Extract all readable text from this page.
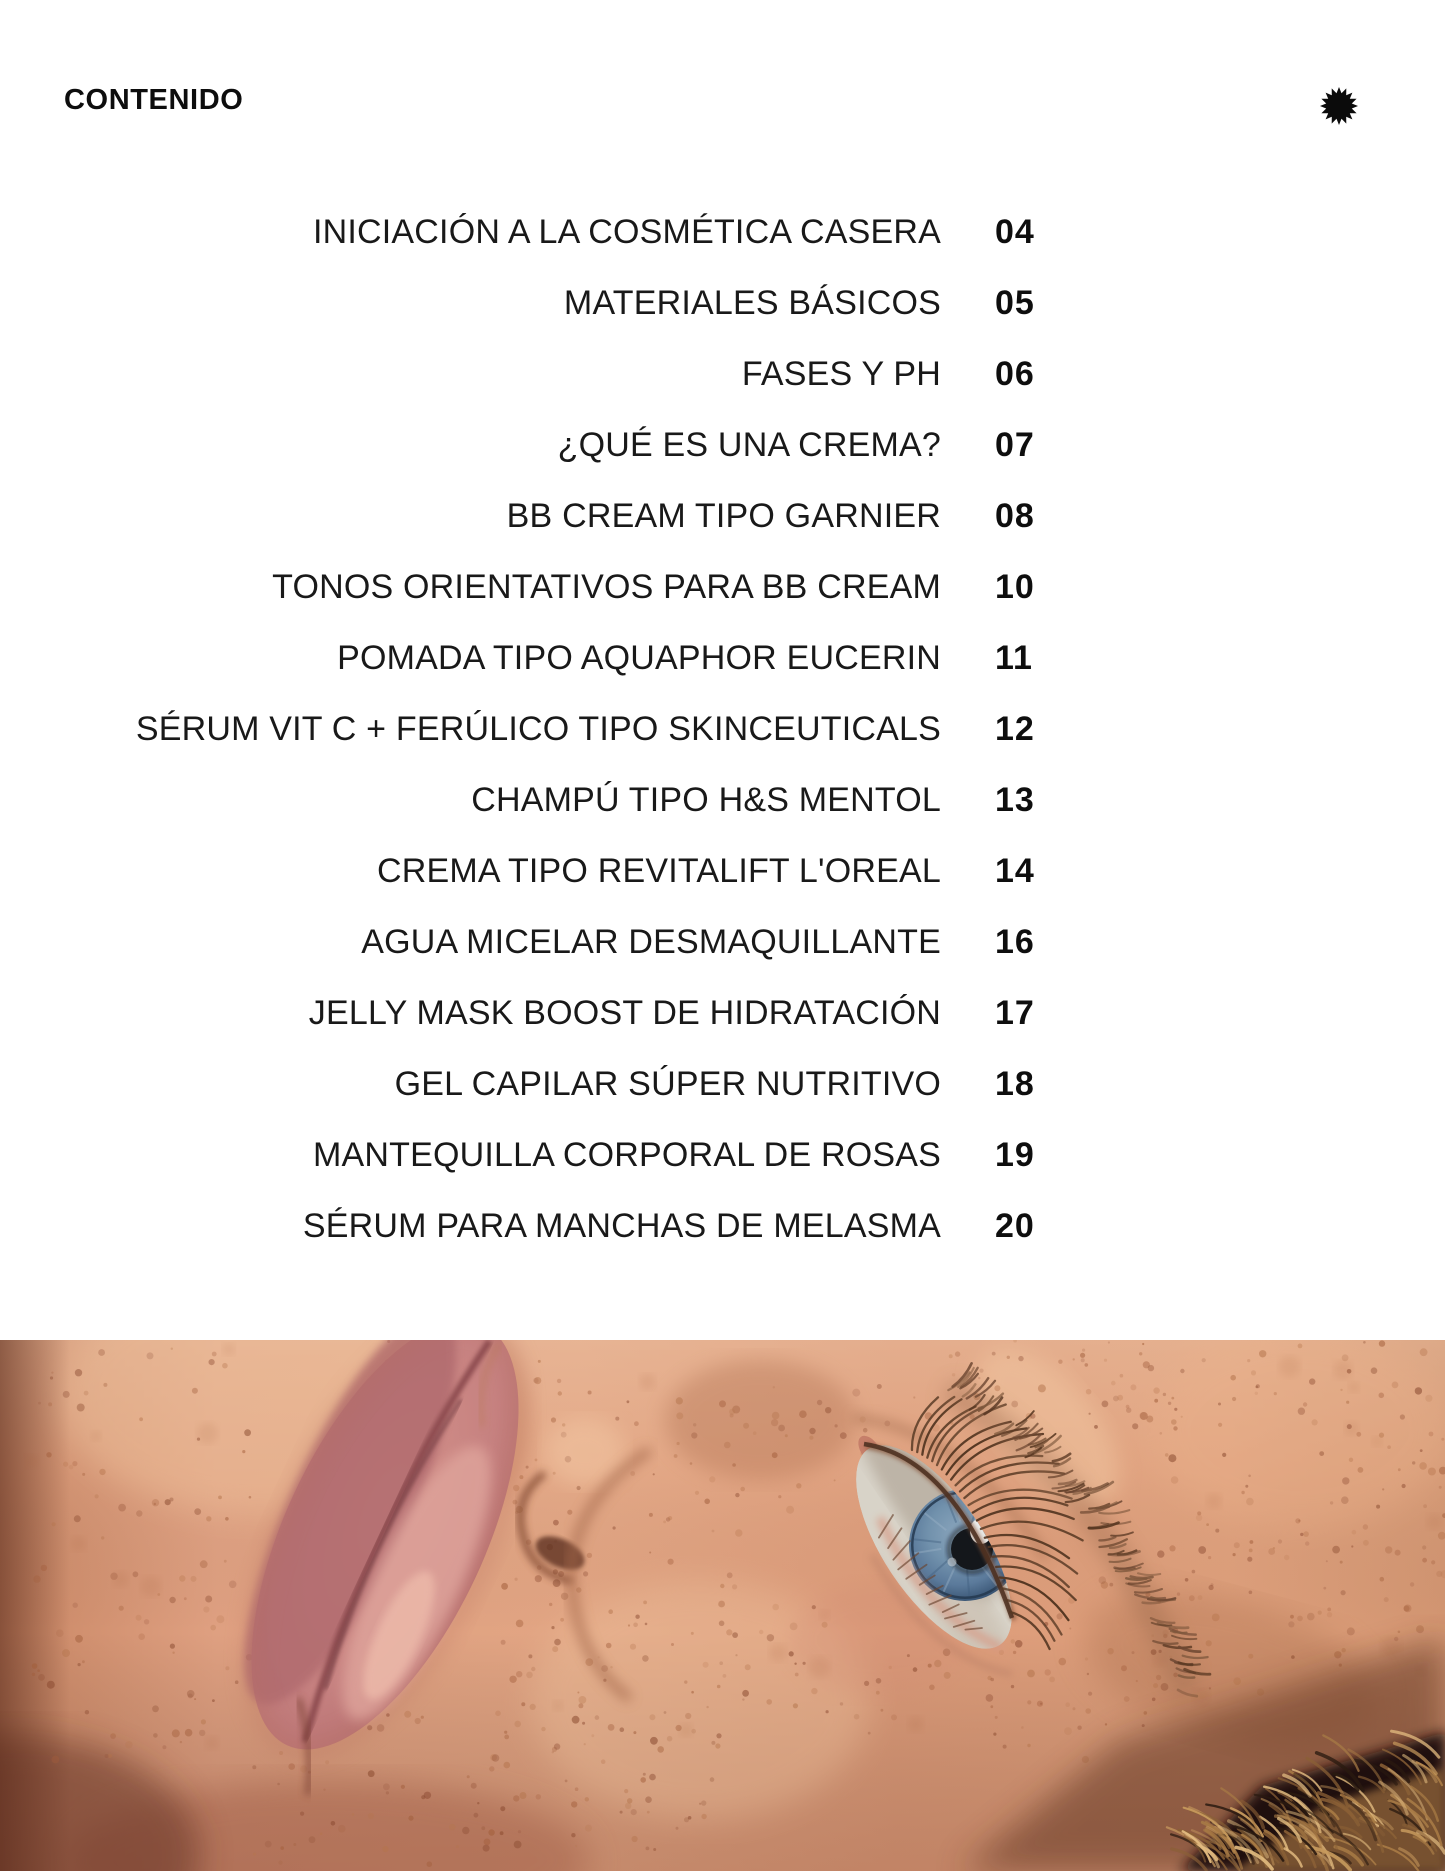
CONTENIDO
INICIACIÓN A LA COSMÉTICA CASERA 04
MATERIALES BÁSICOS 05
FASES Y PH 06
¿QUÉ ES UNA CREMA? 07
BB CREAM TIPO GARNIER 08
TONOS ORIENTATIVOS PARA BB CREAM 10
POMADA TIPO AQUAPHOR EUCERIN 11
SÉRUM VIT C + FERÚLICO TIPO SKINCEUTICALS 12
CHAMPÚ TIPO H&S MENTOL 13
CREMA TIPO REVITALIFT L'OREAL 14
AGUA MICELAR DESMAQUILLANTE 16
JELLY MASK BOOST DE HIDRATACIÓN 17
GEL CAPILAR SÚPER NUTRITIVO 18
MANTEQUILLA CORPORAL DE ROSAS 19
SÉRUM PARA MANCHAS DE MELASMA 20
